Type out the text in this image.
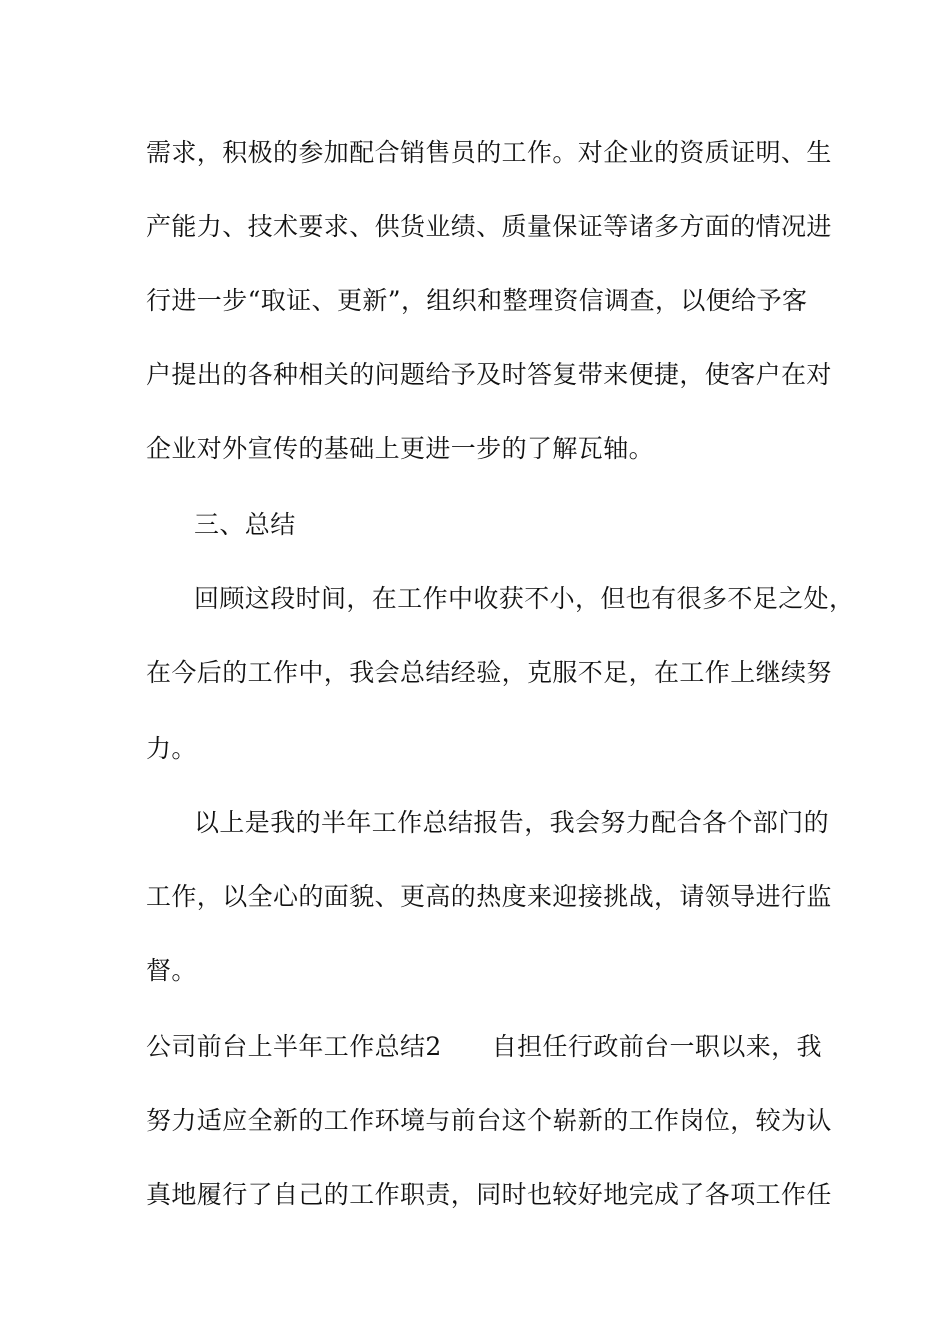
需求，积极的参加配合销售员的工作。对企业的资质证明、生
产能力、技术要求、供货业绩、质量保证等诸多方面的情况进
行进一步“取证、更新”，组织和整理资信调查，以便给予客
户提出的各种相关的问题给予及时答复带来便捷，使客户在对
企业对外宣传的基础上更进一步的了解瓦轴。
三、总结
回顾这段时间，在工作中收获不小，但也有很多不足之处，
在今后的工作中，我会总结经验，克服不足，在工作上继续努
力。
以上是我的半年工作总结报告，我会努力配合各个部门的
工作，以全心的面貌、更高的热度来迎接挑战，请领导进行监
督。
公司前台上半年工作总结2 自担任行政前台一职以来，我
努力适应全新的工作环境与前台这个崭新的工作岗位，较为认
真地履行了自己的工作职责，同时也较好地完成了各项工作任
